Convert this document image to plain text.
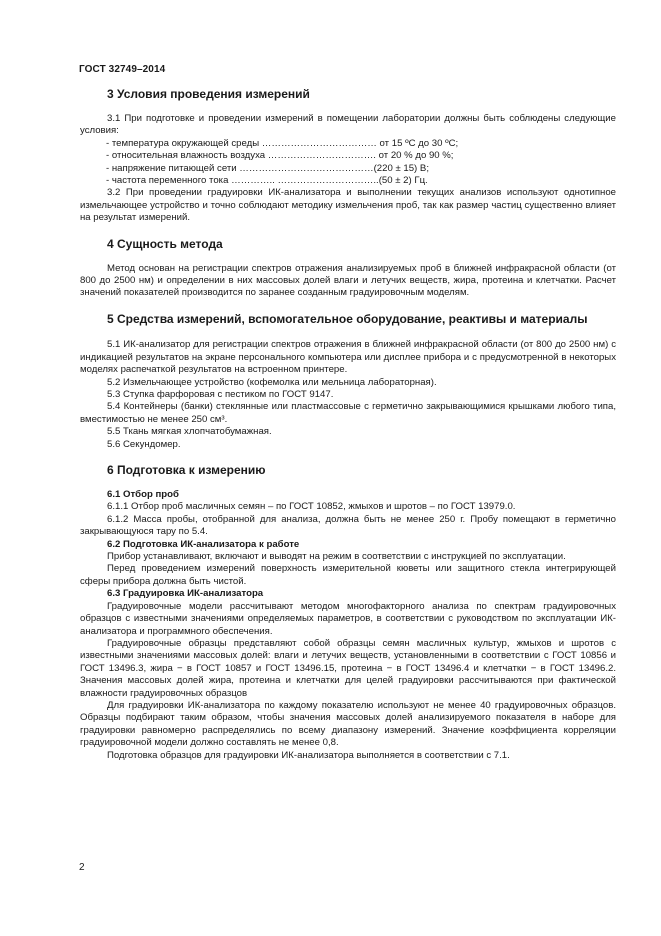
ГОСТ 32749–2014
3 Условия проведения измерений

3.1 При подготовке и проведении измерений в помещении лаборатории должны быть соблюдены следующие условия:

- температура окружающей среды ……………………………… от 15 ºС до 30 ºС;
- относительная влажность воздуха ……………………………. от 20 % до 90 %;
- напряжение питающей сети ……………………………………(220 ± 15) В;
- частота переменного тока ………….. …………………………..(50 ± 2) Гц.

3.2 При проведении градуировки ИК-анализатора и выполнении текущих анализов используют однотипное измельчающее устройство и точно соблюдают методику измельчения проб, так как размер частиц существенно влияет на результат измерений.

4 Сущность метода

Метод основан на регистрации спектров отражения анализируемых проб в ближней инфракрасной области (от 800 до 2500 нм) и определении в них массовых долей влаги и летучих веществ, жира, протеина и клетчатки. Расчет значений показателей производится по заранее созданным градуировочным моделям.

5 Средства измерений, вспомогательное оборудование, реактивы и материалы

5.1 ИК-анализатор для регистрации спектров отражения в ближней инфракрасной области (от 800 до 2500 нм) с индикацией результатов на экране персонального компьютера или дисплее прибора и с предусмотренной в некоторых моделях распечаткой результатов на встроенном принтере.

5.2 Измельчающее устройство (кофемолка или мельница лабораторная).

5.3 Ступка фарфоровая с пестиком по ГОСТ 9147.

5.4 Контейнеры (банки) стеклянные или пластмассовые с герметично закрывающимися крышками любого типа, вместимостью не менее 250 см³.

5.5 Ткань мягкая хлопчатобумажная.

5.6 Секундомер.

6 Подготовка к измерению
6.1 Отбор проб

6.1.1 Отбор проб масличных семян – по ГОСТ 10852, жмыхов и шротов – по ГОСТ 13979.0.

6.1.2 Масса пробы, отобранной для анализа, должна быть не менее 250 г. Пробу помещают в герметично закрывающуюся тару по 5.4.

6.2 Подготовка ИК-анализатора к работе

Прибор устанавливают, включают и выводят на режим в соответствии с инструкцией по эксплуатации.

Перед проведением измерений поверхность измерительной кюветы или защитного стекла интегрирующей сферы прибора должна быть чистой.

6.3 Градуировка ИК-анализатора

Градуировочные модели рассчитывают методом многофакторного анализа по спектрам градуировочных образцов с известными значениями определяемых параметров, в соответствии с руководством по эксплуатации ИК-анализатора и программного обеспечения.

Градуировочные образцы представляют собой образцы семян масличных культур, жмыхов и шротов с известными значениями массовых долей: влаги и летучих веществ, установленными в соответствии с ГОСТ 10856 и ГОСТ 13496.3, жира − в ГОСТ 10857 и ГОСТ 13496.15, протеина − в ГОСТ 13496.4 и клетчатки − в ГОСТ 13496.2. Значения массовых долей жира, протеина и клетчатки для целей градуировки рассчитываются при фактической влажности градуировочных образцов

Для градуировки ИК-анализатора по каждому показателю используют не менее 40 градуировочных образцов. Образцы подбирают таким образом, чтобы значения массовых долей анализируемого показателя в наборе для градуировки равномерно распределялись по всему диапазону измерений. Значение коэффициента корреляции градуировочной модели должно составлять не менее 0,8.

Подготовка образцов для градуировки ИК-анализатора выполняется в соответствии с 7.1.

2
